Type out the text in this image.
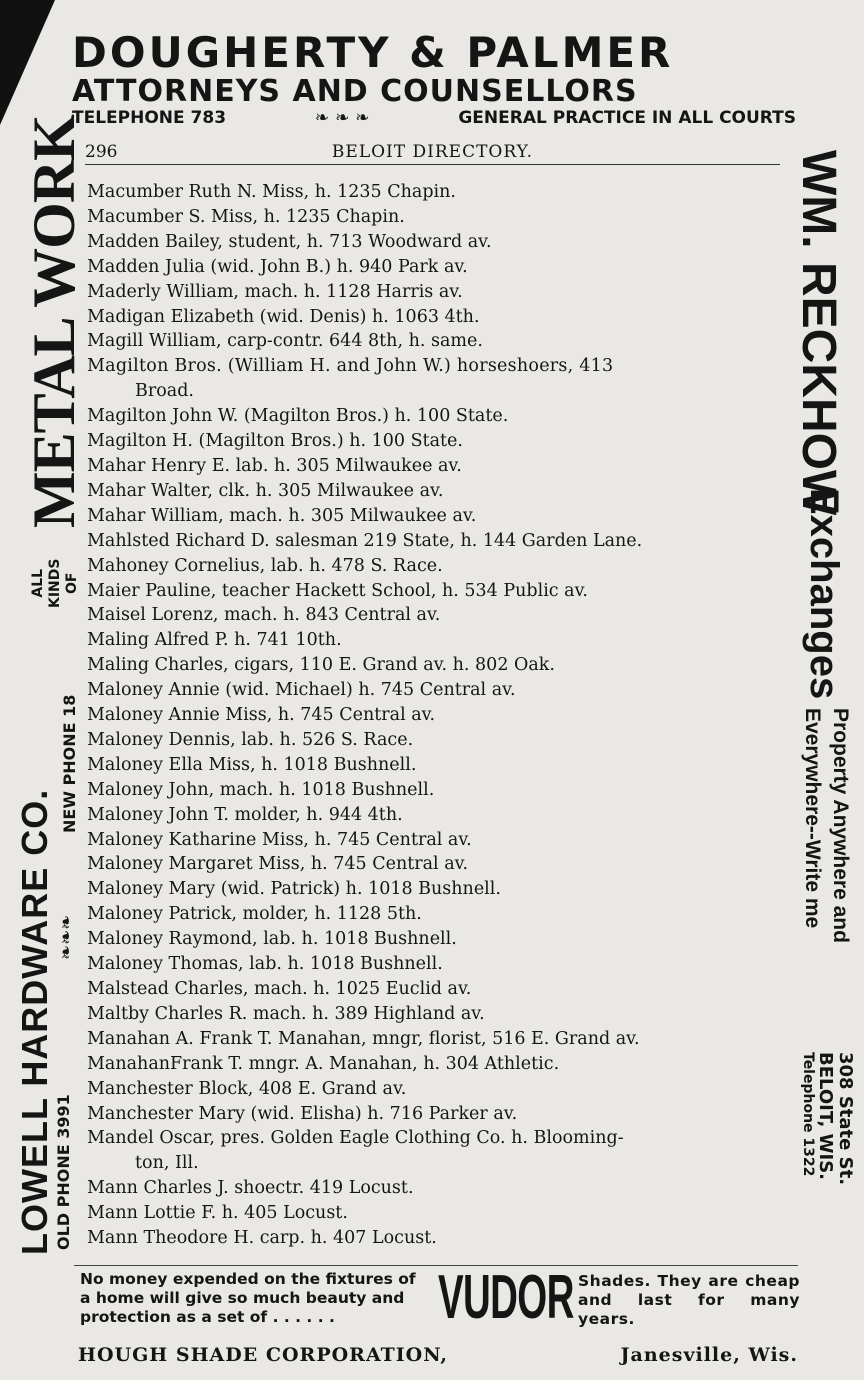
DOUGHERTY & PALMER
ATTORNEYS AND COUNSELLORS
TELEPHONE 783	❧ ❧ ❧	GENERAL PRACTICE IN ALL COURTS
296	BELOIT DIRECTORY.
Macumber Ruth N. Miss, h. 1235 Chapin.
Macumber S. Miss, h. 1235 Chapin.
Madden Bailey, student, h. 713 Woodward av.
Madden Julia (wid. John B.) h. 940 Park av.
Maderly William, mach. h. 1128 Harris av.
Madigan Elizabeth (wid. Denis) h. 1063 4th.
Magill William, carp-contr. 644 8th, h. same.
Magilton Bros. (William H. and John W.) horseshoers, 413
Broad.
Magilton John W. (Magilton Bros.) h. 100 State.
Magilton H. (Magilton Bros.) h. 100 State.
Mahar Henry E. lab. h. 305 Milwaukee av.
Mahar Walter, clk. h. 305 Milwaukee av.
Mahar William, mach. h. 305 Milwaukee av.
Mahlsted Richard D. salesman 219 State, h. 144 Garden Lane.
Mahoney Cornelius, lab. h. 478 S. Race.
Maier Pauline, teacher Hackett School, h. 534 Public av.
Maisel Lorenz, mach. h. 843 Central av.
Maling Alfred P. h. 741 10th.
Maling Charles, cigars, 110 E. Grand av. h. 802 Oak.
Maloney Annie (wid. Michael) h. 745 Central av.
Maloney Annie Miss, h. 745 Central av.
Maloney Dennis, lab. h. 526 S. Race.
Maloney Ella Miss, h. 1018 Bushnell.
Maloney John, mach. h. 1018 Bushnell.
Maloney John T. molder, h. 944 4th.
Maloney Katharine Miss, h. 745 Central av.
Maloney Margaret Miss, h. 745 Central av.
Maloney Mary (wid. Patrick) h. 1018 Bushnell.
Maloney Patrick, molder, h. 1128 5th.
Maloney Raymond, lab. h. 1018 Bushnell.
Maloney Thomas, lab. h. 1018 Bushnell.
Malstead Charles, mach. h. 1025 Euclid av.
Maltby Charles R. mach. h. 389 Highland av.
Manahan A. Frank T. Manahan, mngr, florist, 516 E. Grand av.
ManahanFrank T. mngr. A. Manahan, h. 304 Athletic.
Manchester Block, 408 E. Grand av.
Manchester Mary (wid. Elisha) h. 716 Parker av.
Mandel Oscar, pres. Golden Eagle Clothing Co. h. Blooming-
ton, Ill.
Mann Charles J. shoectr. 419 Locust.
Mann Lottie F. h. 405 Locust.
Mann Theodore H. carp. h. 407 Locust.
LOWELL HARDWARE CO. OLD PHONE 3991
❧❧❧
NEW PHONE 18
METAL WORK
ALL KINDS OF
WM. RECKHOW
Exchanges
Property Anywhere and
Everywhere--Write me
308 State St.
BELOIT, WIS.
Telephone 1322
No money expended on the fixtures of a home will give so much beauty and protection as a set of . . . . . .	VUDOR Shades. They are cheap and last for many years.
HOUGH SHADE CORPORATION,	Janesville, Wis.
